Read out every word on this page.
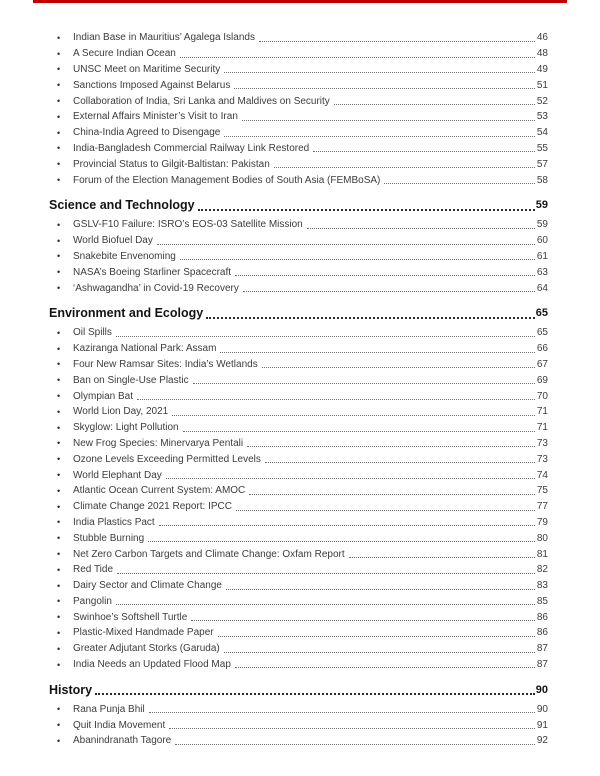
•	Indian Base in Mauritius’ Agalega Islands	46
•	A Secure Indian Ocean	48
•	UNSC Meet on Maritime Security	49
•	Sanctions Imposed Against Belarus	51
•	Collaboration of India, Sri Lanka and Maldives on Security	52
•	External Affairs Minister’s Visit to Iran	53
•	China-India Agreed to Disengage	54
•	India-Bangladesh Commercial Railway Link Restored	55
•	Provincial Status to Gilgit-Baltistan: Pakistan	57
•	Forum of the Election Management Bodies of South Asia (FEMBoSA)	58
Science and Technology	59
•	GSLV-F10 Failure: ISRO’s EOS-03 Satellite Mission	59
•	World Biofuel Day	60
•	Snakebite Envenoming	61
•	NASA’s Boeing Starliner Spacecraft	63
•	‘Ashwagandha’ in Covid-19 Recovery	64
Environment and Ecology	65
•	Oil Spills	65
•	Kaziranga National Park: Assam	66
•	Four New Ramsar Sites: India’s Wetlands	67
•	Ban on Single-Use Plastic	69
•	Olympian Bat	70
•	World Lion Day, 2021	71
•	Skyglow: Light Pollution	71
•	New Frog Species: Minervarya Pentali	73
•	Ozone Levels Exceeding Permitted Levels	73
•	World Elephant Day	74
•	Atlantic Ocean Current System: AMOC	75
•	Climate Change 2021 Report: IPCC	77
•	India Plastics Pact	79
•	Stubble Burning	80
•	Net Zero Carbon Targets and Climate Change: Oxfam Report	81
•	Red Tide	82
•	Dairy Sector and Climate Change	83
•	Pangolin	85
•	Swinhoe’s Softshell Turtle	86
•	Plastic-Mixed Handmade Paper	86
•	Greater Adjutant Storks (Garuda)	87
•	India Needs an Updated Flood Map	87
History	90
•	Rana Punja Bhil	90
•	Quit India Movement	91
•	Abanindranath Tagore	92
